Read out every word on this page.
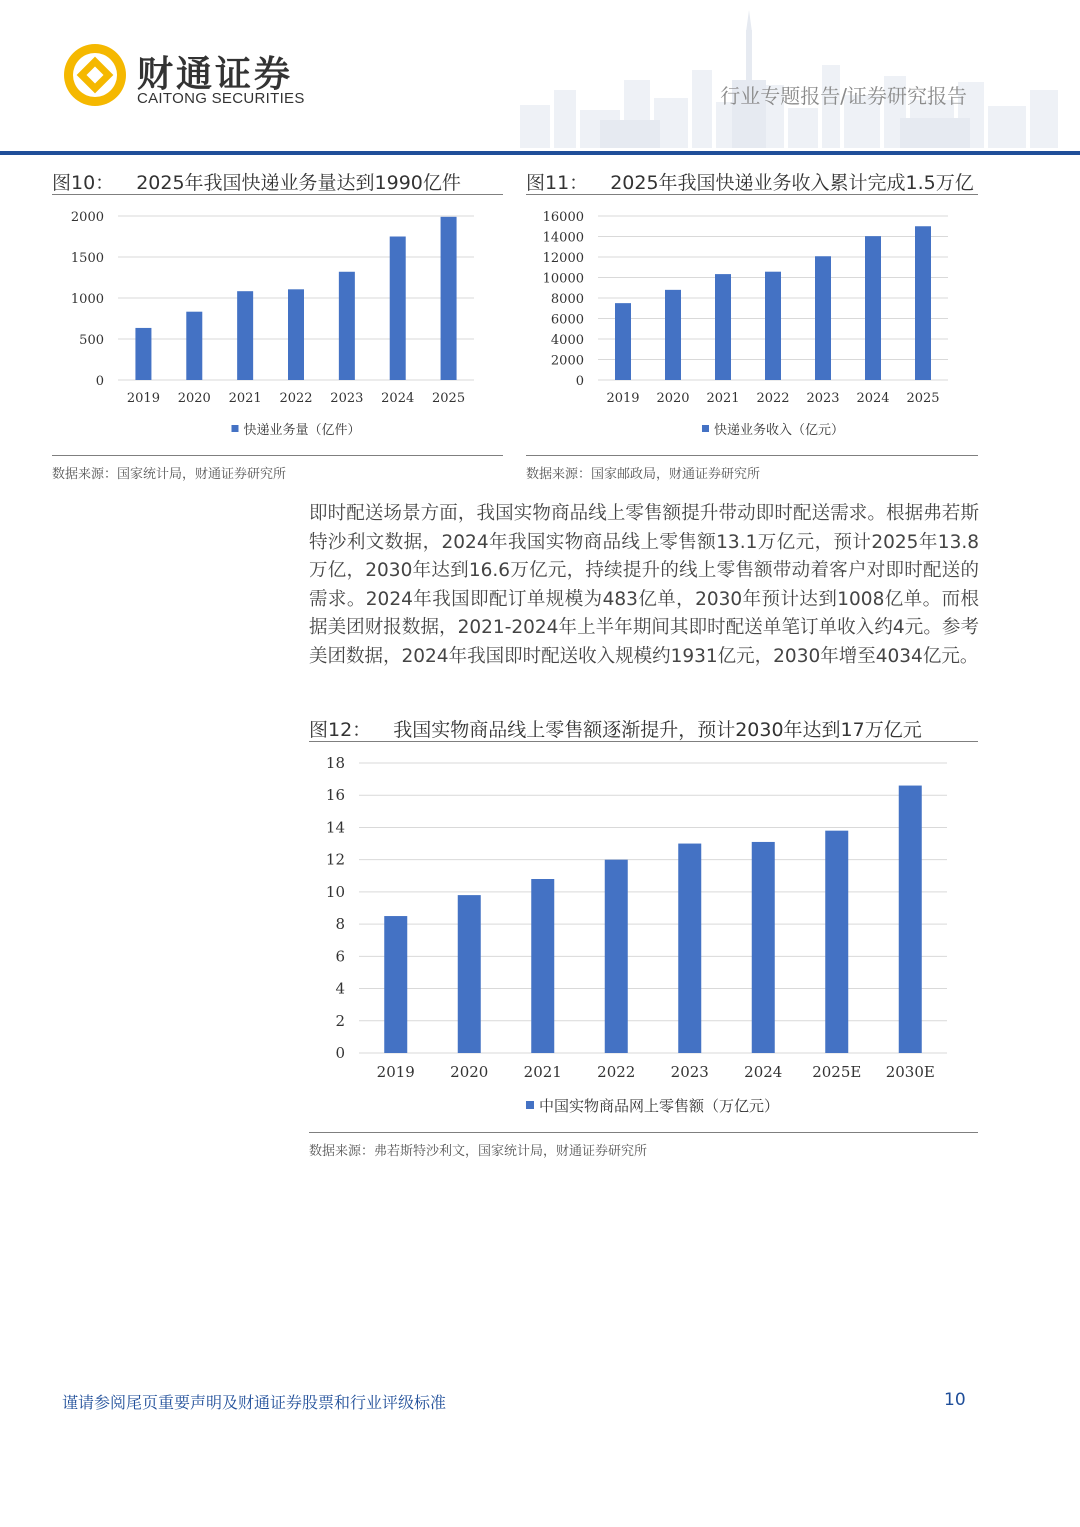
财通证券
CAITONG SECURITIES	行业专题报告/证券研究报告
图10： 2025年我国快递业务量达到1990亿件
0
500
1000
1500
2000
2019 2020 2021 2022 2023 2024 2025
快递业务量（亿件）
数据来源：国家统计局，财通证券研究所
图11： 2025年我国快递业务收入累计完成1.5万亿
0
2000
4000
6000
8000
10000
12000
14000
16000
2019 2020 2021 2022 2023 2024 2025
快递业务收入（亿元）
数据来源：国家邮政局，财通证券研究所
即时配送场景方面，我国实物商品线上零售额提升带动即时配送需求。根据弗若斯特沙利文数据，2024年我国实物商品线上零售额13.1万亿元，预计2025年13.8万亿，2030年达到16.6万亿元，持续提升的线上零售额带动着客户对即时配送的需求。2024年我国即配订单规模为483亿单，2030年预计达到1008亿单。而根据美团财报数据，2021-2024年上半年期间其即时配送单笔订单收入约4元。参考美团数据，2024年我国即时配送收入规模约1931亿元，2030年增至4034亿元。
图12： 我国实物商品线上零售额逐渐提升，预计2030年达到17万亿元
0
2
4
6
8
10
12
14
16
18
2019 2020 2021 2022 2023 2024 2025E 2030E
中国实物商品网上零售额（万亿元）
数据来源：弗若斯特沙利文，国家统计局，财通证券研究所
谨请参阅尾页重要声明及财通证券股票和行业评级标准	10
